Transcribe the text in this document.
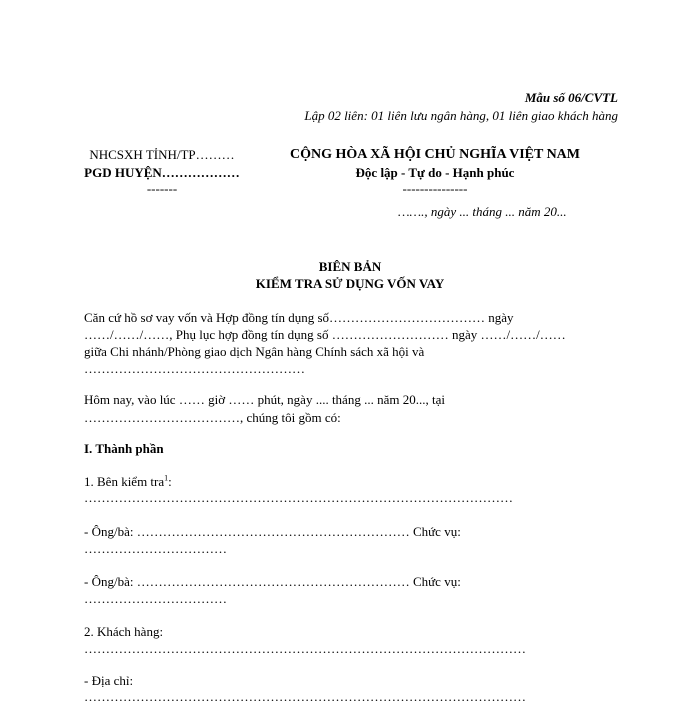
Mẫu số 06/CVTL
Lập 02 liên: 01 liên lưu ngân hàng, 01 liên giao khách hàng
NHCSXH TỈNH/TP………
PGD HUYỆN………………
-------
CỘNG HÒA XÃ HỘI CHỦ NGHĨA VIỆT NAM
Độc lập - Tự do - Hạnh phúc
---------------
……., ngày ... tháng ... năm 20...
BIÊN BẢN
KIỂM TRA SỬ DỤNG VỐN VAY
Căn cứ hồ sơ vay vốn và Hợp đồng tín dụng số……………………………… ngày
……/……/……, Phụ lục hợp đồng tín dụng số ……………………… ngày ……/……/……
giữa Chi nhánh/Phòng giao dịch Ngân hàng Chính sách xã hội và
……………………………………………
Hôm nay, vào lúc …… giờ …… phút, ngày .... tháng ... năm 20..., tại
………………………………, chúng tôi gồm có:
I. Thành phần
1. Bên kiểm tra$^1$:
………………………………………………………………………………………
- Ông/bà: ……………………………………………………… Chức vụ:
……………………………
- Ông/bà: ……………………………………………………… Chức vụ:
……………………………
2. Khách hàng:
…………………………………………………………………………………………
- Địa chỉ:
…………………………………………………………………………………………
